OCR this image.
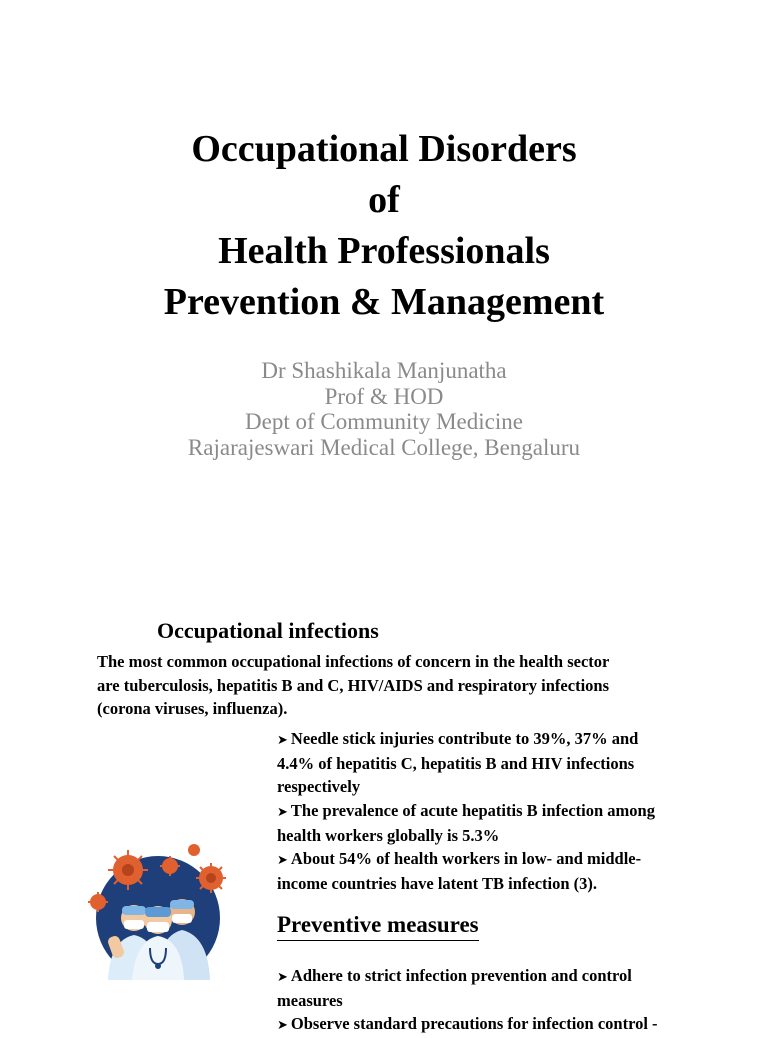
Occupational Disorders
of
Health Professionals
Prevention & Management
Dr Shashikala Manjunatha
Prof & HOD
Dept of Community Medicine
Rajarajeswari Medical College, Bengaluru
Occupational infections
The most common occupational infections of concern in the health sector
are tuberculosis, hepatitis B and C, HIV/AIDS and respiratory infections
(corona viruses, influenza).
➤ Needle stick injuries contribute to 39%, 37% and
4.4% of hepatitis C, hepatitis B and HIV infections
respectively
➤ The prevalence of acute hepatitis B infection among
health workers globally is 5.3%
➤ About 54% of health workers in low- and middle-
income countries have latent TB infection (3).
Preventive measures
➤ Adhere to strict infection prevention and control
measures
➤ Observe standard precautions for infection control -
